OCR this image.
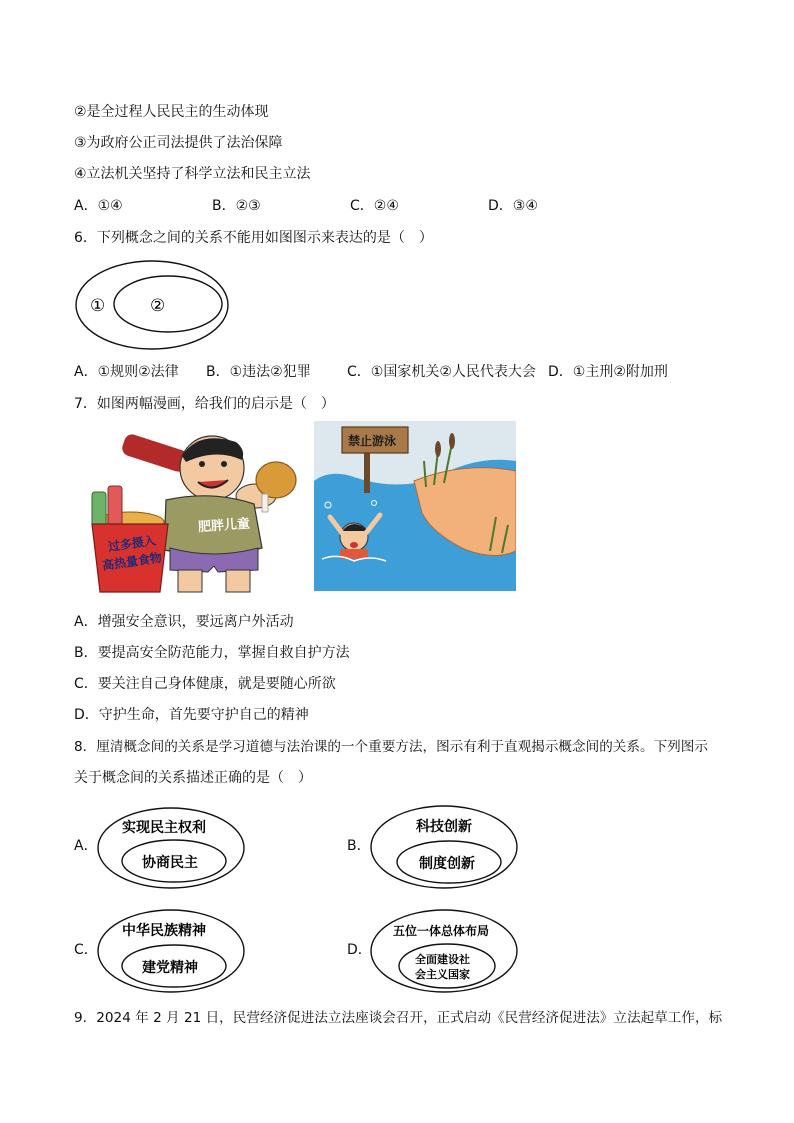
②是全过程人民民主的生动体现
③为政府公正司法提供了法治保障
④立法机关坚持了科学立法和民主立法
A．①④	B．②③	C．②④	D．③④
6．下列概念之间的关系不能用如图图示来表达的是（　）
①	②
A．①规则②法律 B．①违法②犯罪	C．①国家机关②人民代表大会 D．①主刑②附加刑
7．如图两幅漫画，给我们的启示是（　）
肥胖儿童
过多摄入
高热量食物
禁止游泳
A．增强安全意识，要远离户外活动
B．要提高安全防范能力，掌握自救自护方法
C．要关注自己身体健康，就是要随心所欲
D．守护生命，首先要守护自己的精神
8．厘清概念间的关系是学习道德与法治课的一个重要方法，图示有利于直观揭示概念间的关系。下列图示
关于概念间的关系描述正确的是（　）
A．
实现民主权利
协商民主
B．
科技创新
制度创新
C．
中华民族精神
建党精神
D．
五位一体总体布局
全面建设社
会主义国家
9．2024 年 2 月 21 日，民营经济促进法立法座谈会召开，正式启动《民营经济促进法》立法起草工作，标
